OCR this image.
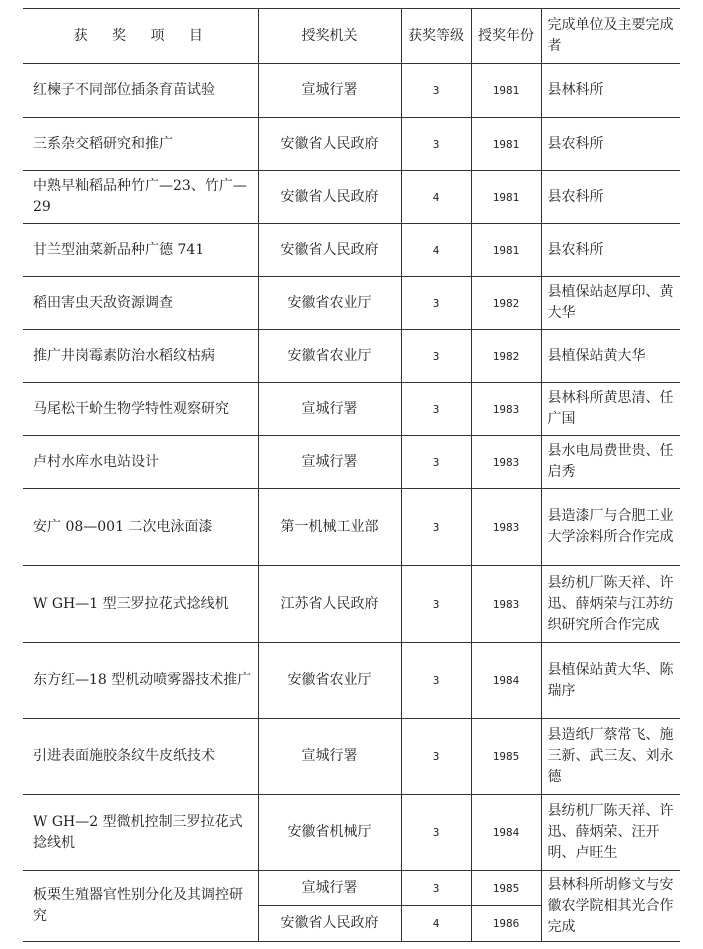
获 奖 项 目	授奖机关	获奖等级	授奖年份	完成单位及主要完成者
红楝子不同部位插条育苗试验	宣城行署	3	1981	县林科所
三系杂交稻研究和推广	安徽省人民政府	3	1981	县农科所
中熟早籼稻品种竹广—23、竹广—29	安徽省人民政府	4	1981	县农科所
甘兰型油菜新品种广德 741	安徽省人民政府	4	1981	县农科所
稻田害虫天敌资源调查	安徽省农业厅	3	1982	县植保站赵厚印、黄大华
推广井岗霉素防治水稻纹枯病	安徽省农业厅	3	1982	县植保站黄大华
马尾松干蚧生物学特性观察研究	宣城行署	3	1983	县林科所黄思清、任广国
卢村水库水电站设计	宣城行署	3	1983	县水电局费世贵、任启秀
安广 08—001 二次电泳面漆	第一机械工业部	3	1983	县造漆厂与合肥工业大学涂料所合作完成
W GH—1 型三罗拉花式捻线机	江苏省人民政府	3	1983	县纺机厂陈天祥、许迅、薛炳荣与江苏纺织研究所合作完成
东方红—18 型机动喷雾器技术推广	安徽省农业厅	3	1984	县植保站黄大华、陈瑞序
引进表面施胶条纹牛皮纸技术	宣城行署	3	1985	县造纸厂蔡常飞、施三新、武三友、刘永德
W GH—2 型微机控制三罗拉花式捻线机	安徽省机械厅	3	1984	县纺机厂陈天祥、许迅、薛炳荣、汪开明、卢旺生
板栗生殖器官性别分化及其调控研究	宣城行署	3	1985	县林科所胡修文与安徽农学院相其光合作完成
	安徽省人民政府	4	1986	
